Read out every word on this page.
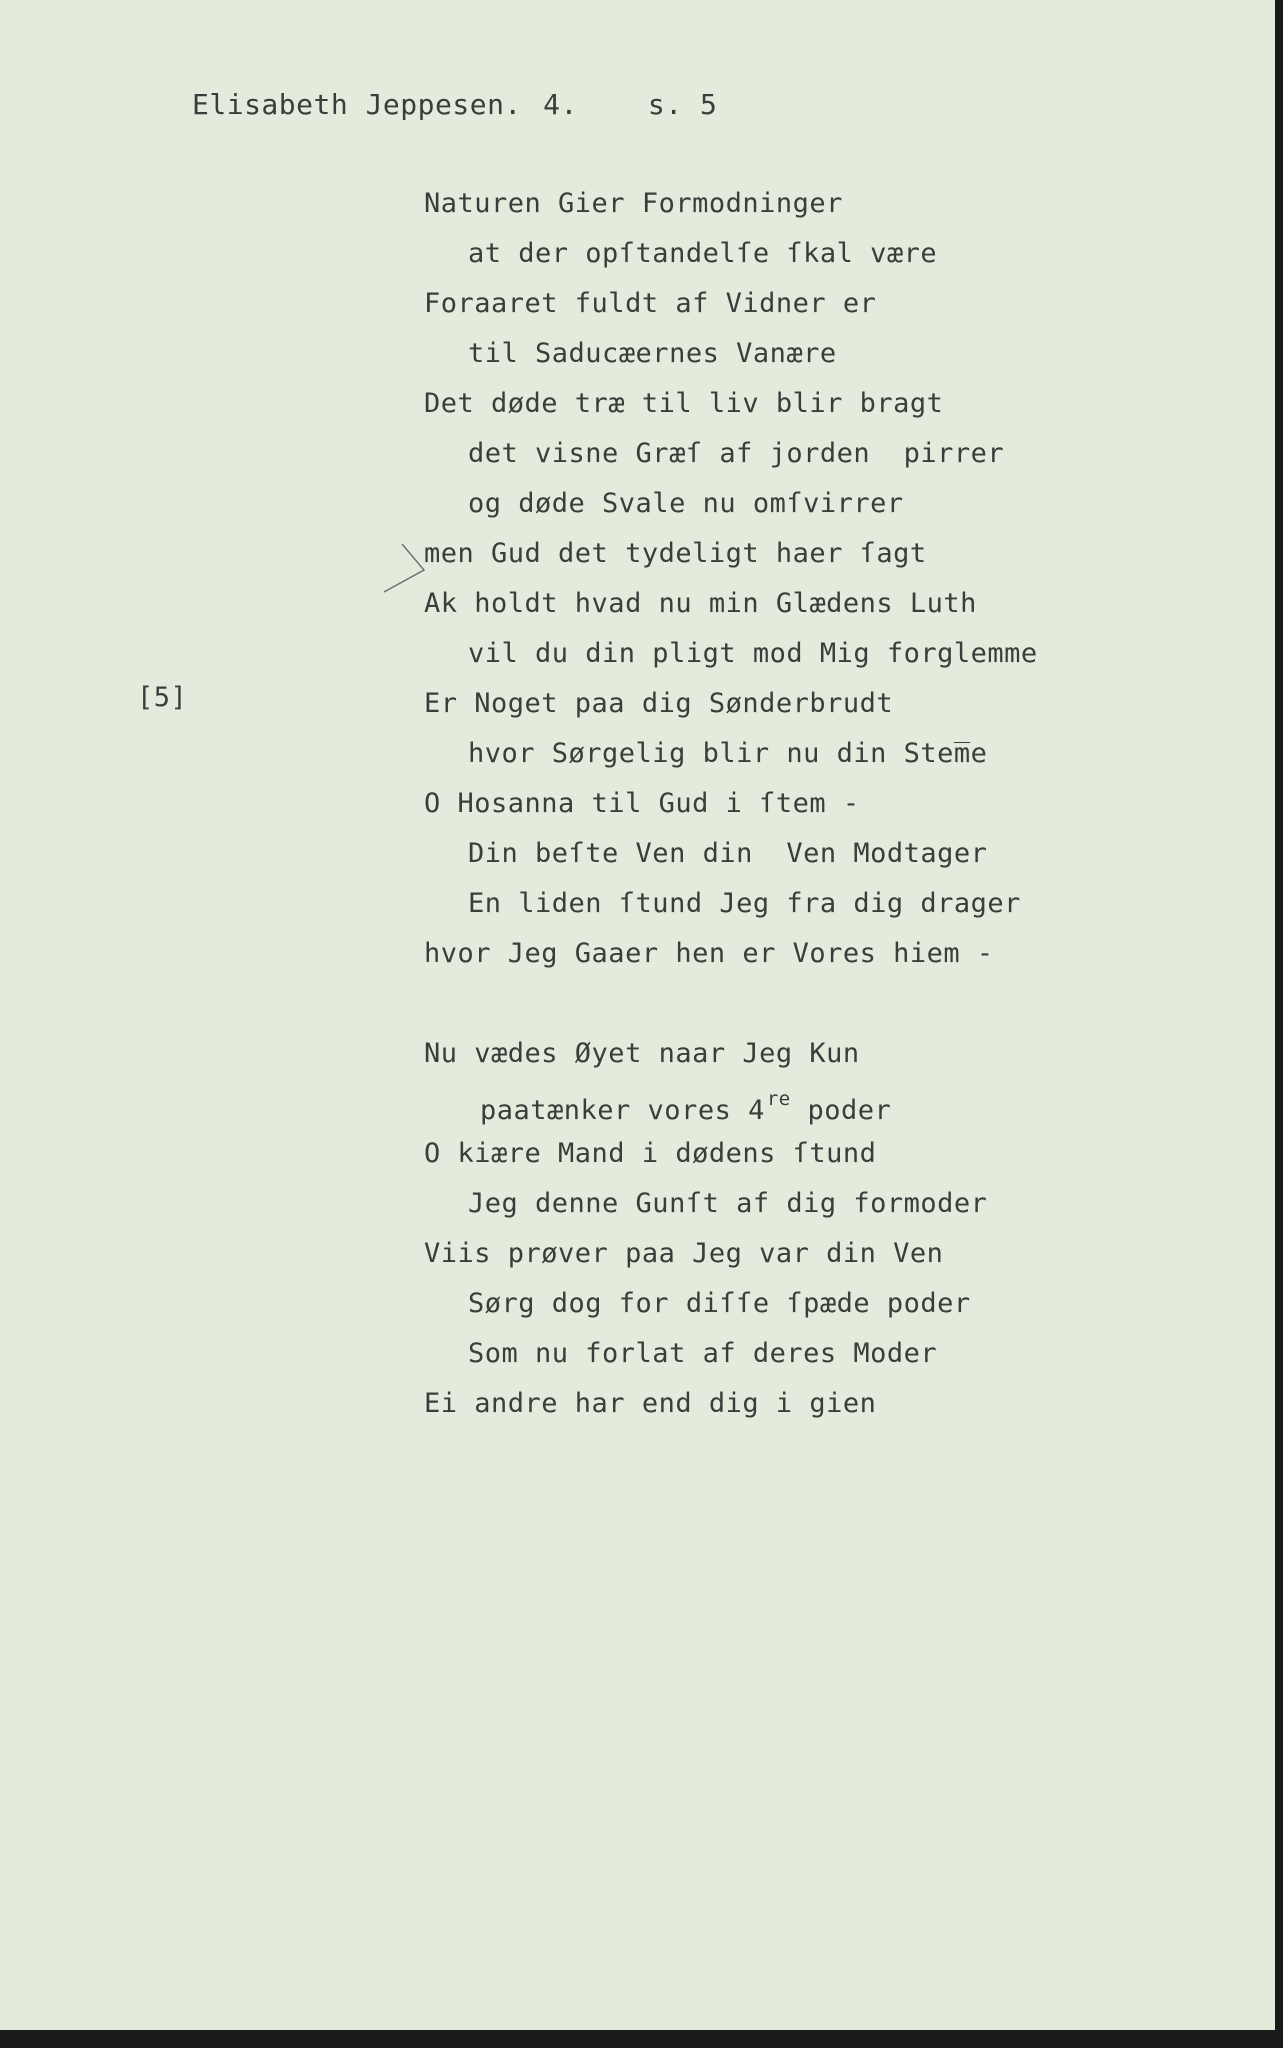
Elisabeth Jeppesen. 4.	s. 5
[5]
Naturen Gier Formodninger
at der opſtandelſe ſkal være
Foraaret fuldt af Vidner er
til Saducæernes Vanære
Det døde træ til liv blir bragt
det visne Græſ af jorden  pirrer
og døde Svale nu omſvirrer
men Gud det tydeligt haer ſagt
Ak holdt hvad nu min Glædens Luth
vil du din pligt mod Mig forglemme
Er Noget paa dig Sønderbrudt
hvor Sørgelig blir nu din Stem̅e
O Hosanna til Gud i ſtem -
Din beſte Ven din  Ven Modtager
En liden ſtund Jeg fra dig drager
hvor Jeg Gaaer hen er Vores hiem -
Nu vædes Øyet naar Jeg Kun
paatænker vores 4 $^{re}$ poder
O kiære Mand i dødens ſtund
Jeg denne Gunſt af dig formoder
Viis prøver paa Jeg var din Ven
Sørg dog for diſſe ſpæde poder
Som nu forlat af deres Moder
Ei andre har end dig i gien
